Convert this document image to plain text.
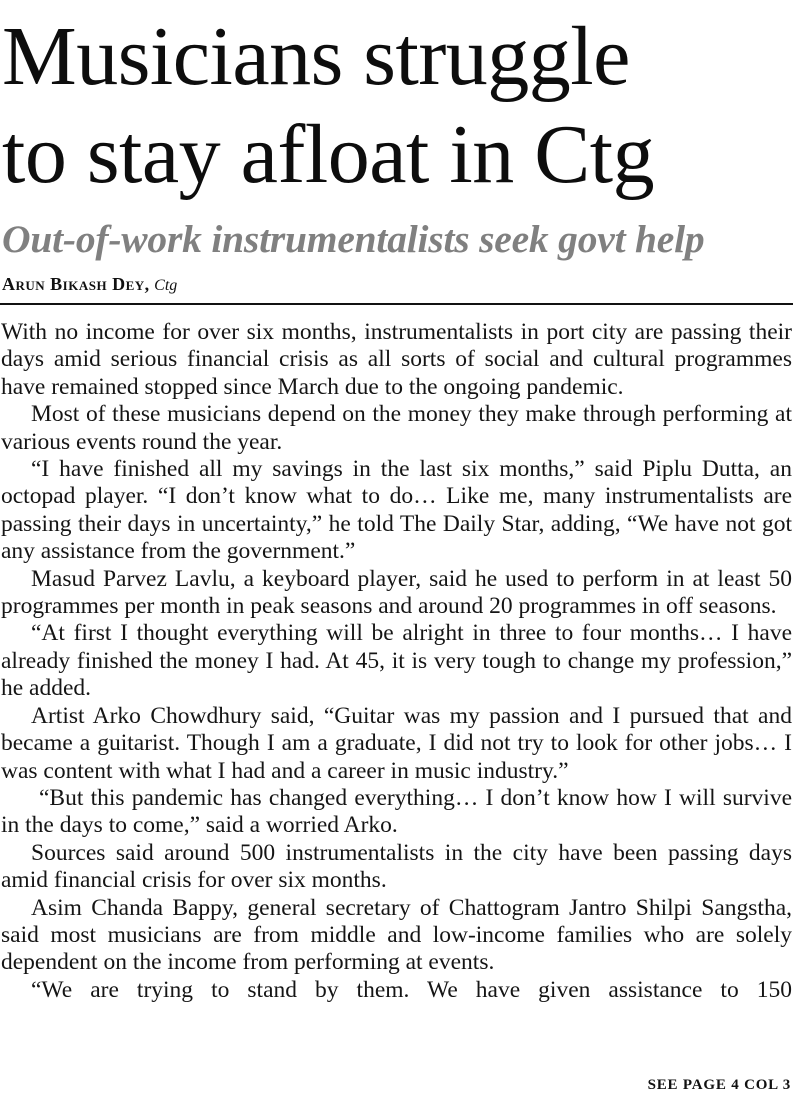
Musicians struggle
to stay afloat in Ctg
Out-of-work instrumentalists seek govt help
Arun Bikash Dey, Ctg

With no income for over six months, instrumentalists in port city are passing their days amid serious financial crisis as all sorts of social and cultural programmes have remained stopped since March due to the ongoing pandemic.

Most of these musicians depend on the money they make through performing at various events round the year.

“I have finished all my savings in the last six months,” said Piplu Dutta, an octopad player. “I don’t know what to do… Like me, many instrumentalists are passing their days in uncertainty,” he told The Daily Star, adding, “We have not got any assistance from the government.”

Masud Parvez Lavlu, a keyboard player, said he used to perform in at least 50 programmes per month in peak seasons and around 20 programmes in off seasons.

“At first I thought everything will be alright in three to four months… I have already finished the money I had. At 45, it is very tough to change my profession,” he added.

Artist Arko Chowdhury said, “Guitar was my passion and I pursued that and became a guitarist. Though I am a graduate, I did not try to look for other jobs… I was content with what I had and a career in music industry.”

“But this pandemic has changed everything… I don’t know how I will survive in the days to come,” said a worried Arko.

Sources said around 500 instrumentalists in the city have been passing days amid financial crisis for over six months.

Asim Chanda Bappy, general secretary of Chattogram Jantro Shilpi Sangstha, said most musicians are from middle and low-income families who are solely dependent on the income from performing at events.

“We are trying to stand by them. We have given assistance to 150

SEE PAGE 4 COL 3
